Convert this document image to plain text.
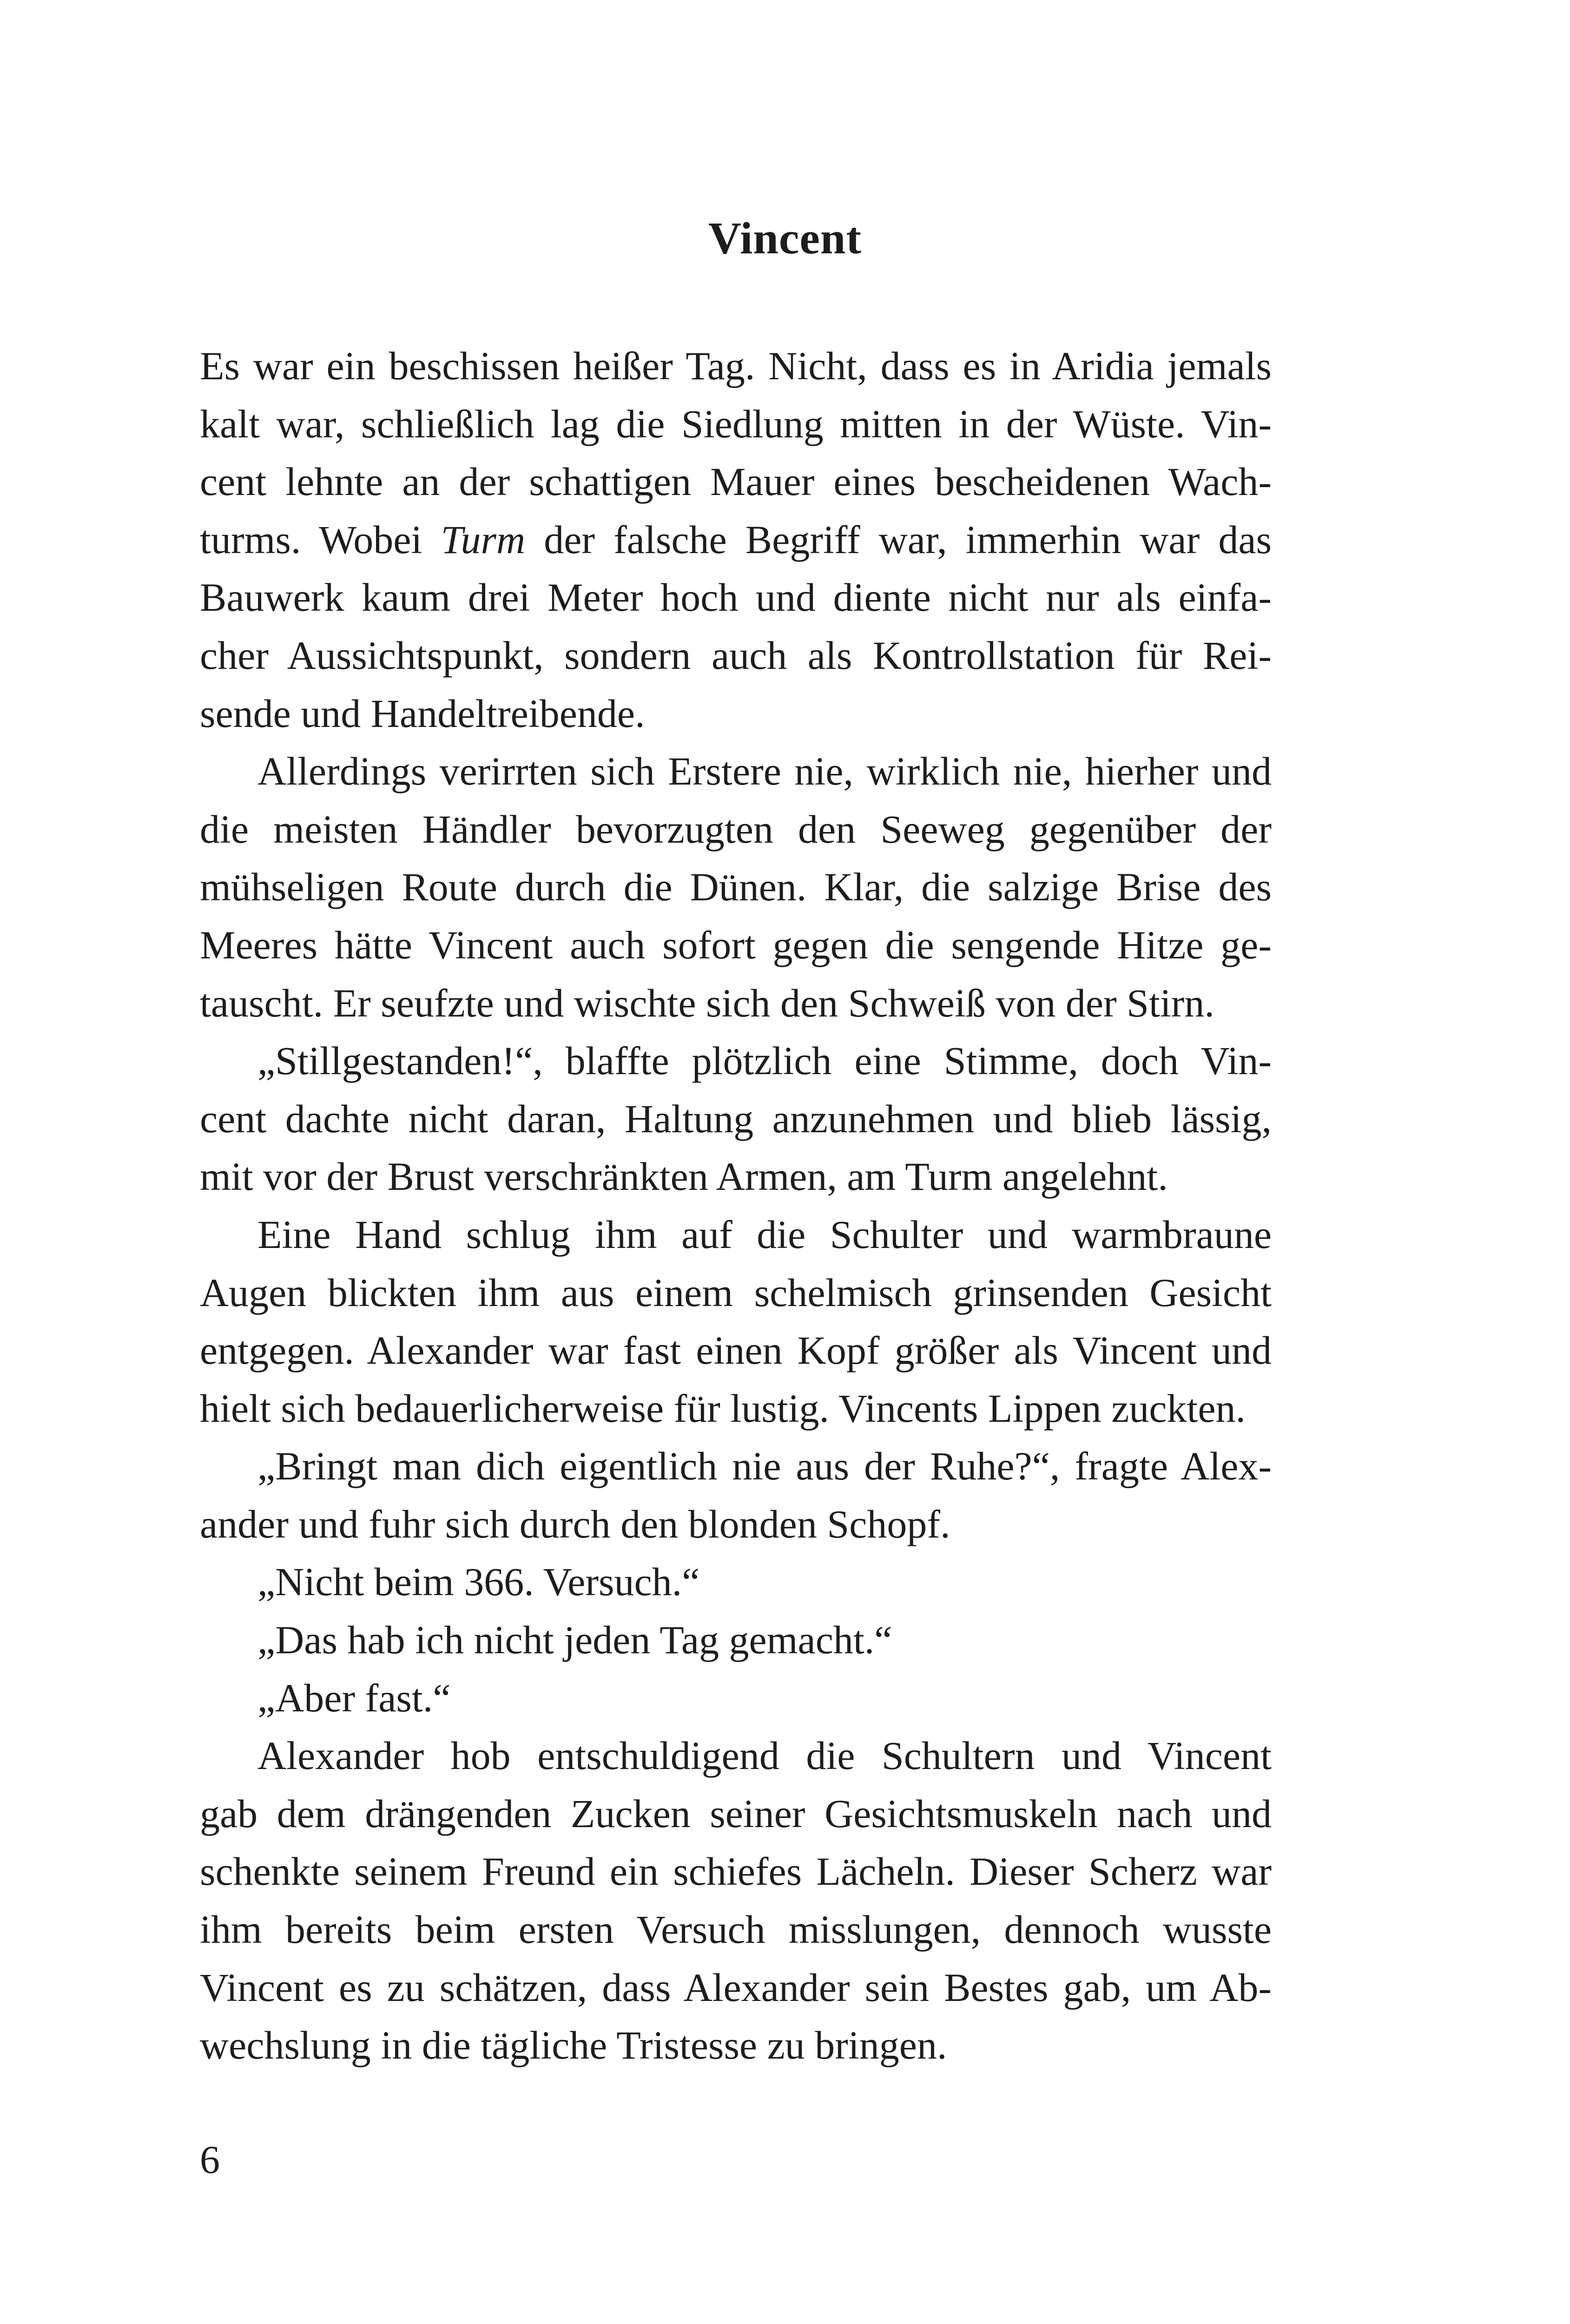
Vincent
Es war ein beschissen heißer Tag. Nicht, dass es in Aridia jemals
kalt war, schließlich lag die Siedlung mitten in der Wüste. Vin-
cent lehnte an der schattigen Mauer eines bescheidenen Wach-
turms. Wobei Turm der falsche Begriff war, immerhin war das
Bauwerk kaum drei Meter hoch und diente nicht nur als einfa-
cher Aussichtspunkt, sondern auch als Kontrollstation für Rei-
sende und Handeltreibende.
Allerdings verirrten sich Erstere nie, wirklich nie, hierher und
die meisten Händler bevorzugten den Seeweg gegenüber der
mühseligen Route durch die Dünen. Klar, die salzige Brise des
Meeres hätte Vincent auch sofort gegen die sengende Hitze ge-
tauscht. Er seufzte und wischte sich den Schweiß von der Stirn.
„Stillgestanden!“, blaffte plötzlich eine Stimme, doch Vin-
cent dachte nicht daran, Haltung anzunehmen und blieb lässig,
mit vor der Brust verschränkten Armen, am Turm angelehnt.
Eine Hand schlug ihm auf die Schulter und warmbraune
Augen blickten ihm aus einem schelmisch grinsenden Gesicht
entgegen. Alexander war fast einen Kopf größer als Vincent und
hielt sich bedauerlicherweise für lustig. Vincents Lippen zuckten.
„Bringt man dich eigentlich nie aus der Ruhe?“, fragte Alex-
ander und fuhr sich durch den blonden Schopf.
„Nicht beim 366. Versuch.“
„Das hab ich nicht jeden Tag gemacht.“
„Aber fast.“
Alexander hob entschuldigend die Schultern und Vincent
gab dem drängenden Zucken seiner Gesichtsmuskeln nach und
schenkte seinem Freund ein schiefes Lächeln. Dieser Scherz war
ihm bereits beim ersten Versuch misslungen, dennoch wusste
Vincent es zu schätzen, dass Alexander sein Bestes gab, um Ab-
wechslung in die tägliche Tristesse zu bringen.
6
